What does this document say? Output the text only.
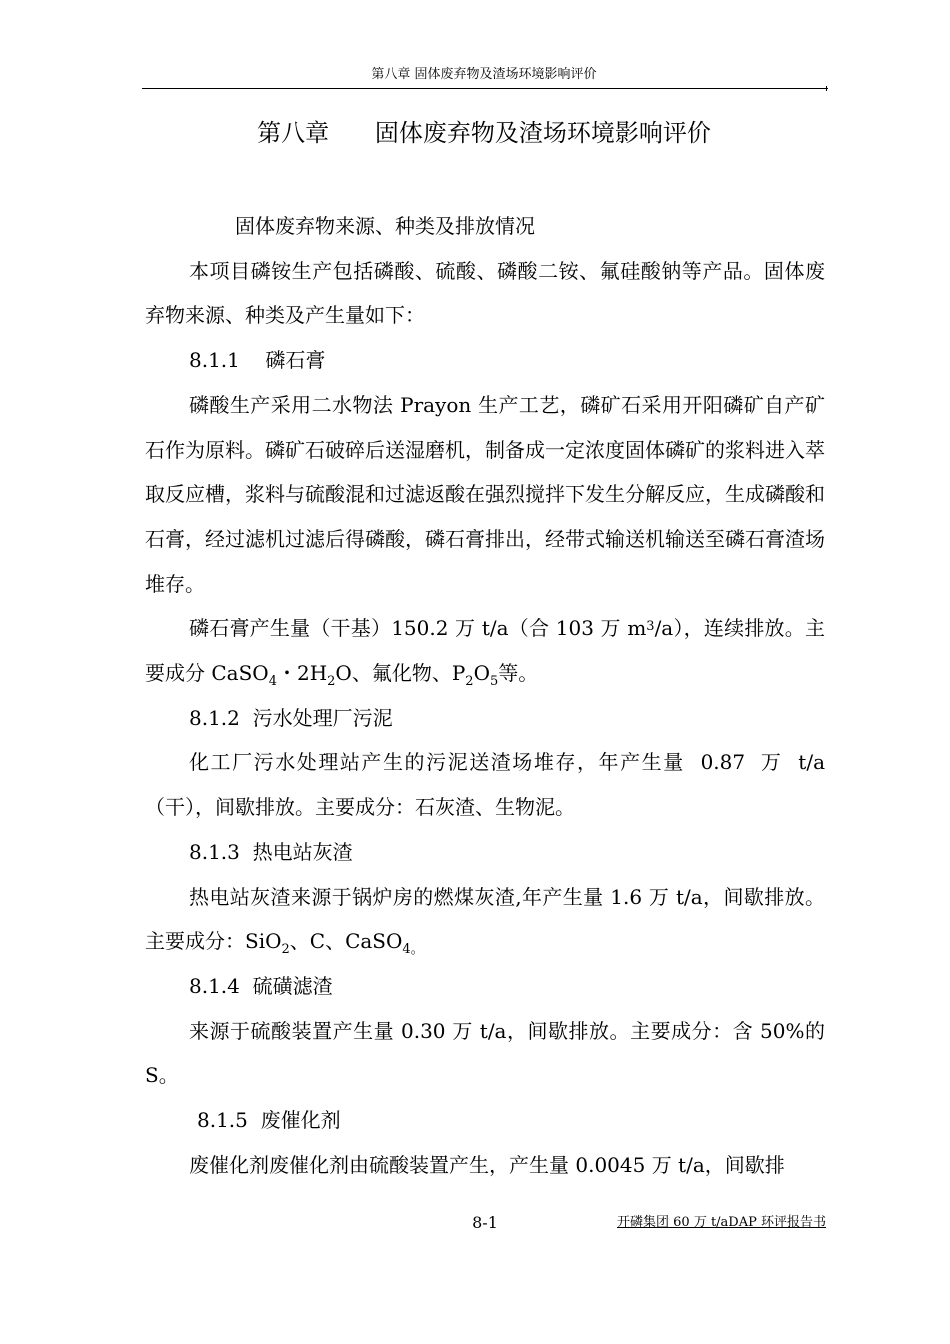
第八章 固体废弃物及渣场环境影响评价
第八章      固体废弃物及渣场环境影响评价

固体废弃物来源、种类及排放情况

本项目磷铵生产包括磷酸、硫酸、磷酸二铵、氟硅酸钠等产品。固体废弃物来源、种类及产生量如下：

8.1.1    磷石膏

磷酸生产采用二水物法 Prayon 生产工艺，磷矿石采用开阳磷矿自产矿石作为原料。磷矿石破碎后送湿磨机，制备成一定浓度固体磷矿的浆料进入萃取反应槽，浆料与硫酸混和过滤返酸在强烈搅拌下发生分解反应，生成磷酸和石膏，经过滤机过滤后得磷酸，磷石膏排出，经带式输送机输送至磷石膏渣场堆存。

磷石膏产生量（干基）150.2 万 t/a（合 103 万 $m^3/a$），连续排放。主要成分 CaSO$_4$・$2H_2O$、氟化物、$P_2O_5$等。

8.1.2  污水处理厂污泥

化工厂污水处理站产生的污泥送渣场堆存，年产生量  0.87  万  t/a（干），间歇排放。主要成分：石灰渣、生物泥。

8.1.3  热电站灰渣

热电站灰渣来源于锅炉房的燃煤灰渣,年产生量 1.6 万 t/a，间歇排放。主要成分：SiO$_2$、C、CaSO$_{4。}$

8.1.4  硫磺滤渣

来源于硫酸装置产生量 0.30 万 t/a，间歇排放。主要成分：含 50%的 S。

8.1.5  废催化剂

废催化剂废催化剂由硫酸装置产生，产生量 0.0045 万 t/a，间歇排

8-1	开磷集团 60 万 t/aDAP 环评报告书
